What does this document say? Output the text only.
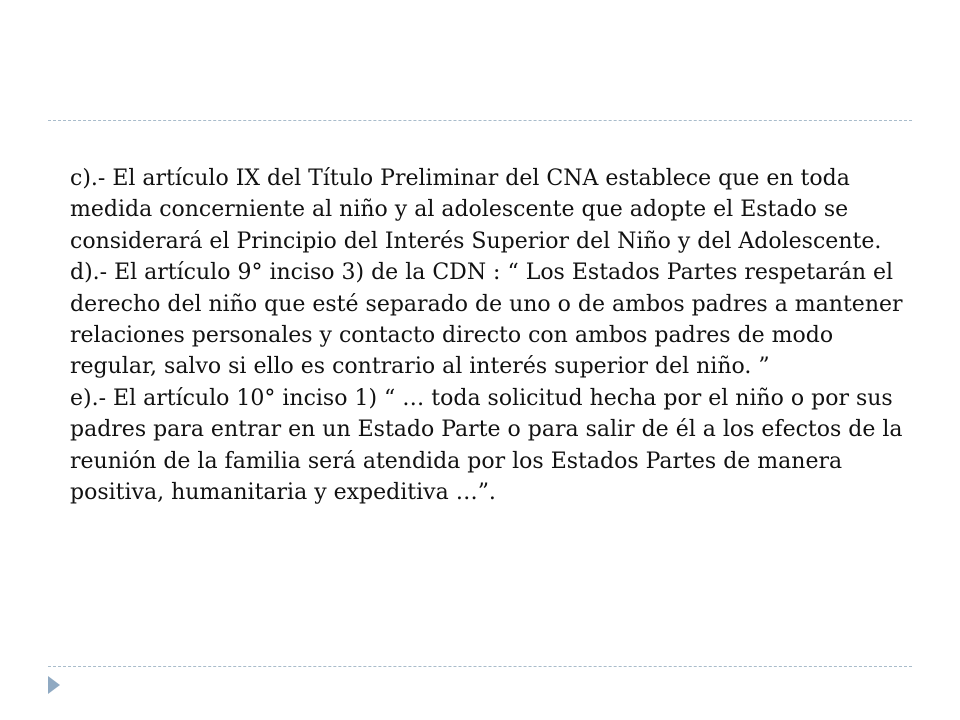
c).- El artículo IX del Título Preliminar del CNA establece que en toda medida concerniente al niño y al adolescente que adopte el Estado se considerará el Principio del Interés Superior del Niño y del Adolescente.

d).- El artículo 9° inciso 3) de la CDN : “ Los Estados Partes respetarán el derecho del niño que esté separado de uno o de ambos padres a mantener relaciones personales y contacto directo con ambos padres de modo regular, salvo si ello es contrario al interés superior del niño. ”

e).- El artículo 10° inciso 1) “ … toda solicitud hecha por el niño o por sus padres para entrar en un Estado Parte o para salir de él a los efectos de la reunión de la familia será atendida por los Estados Partes de manera positiva, humanitaria y expeditiva …”.
